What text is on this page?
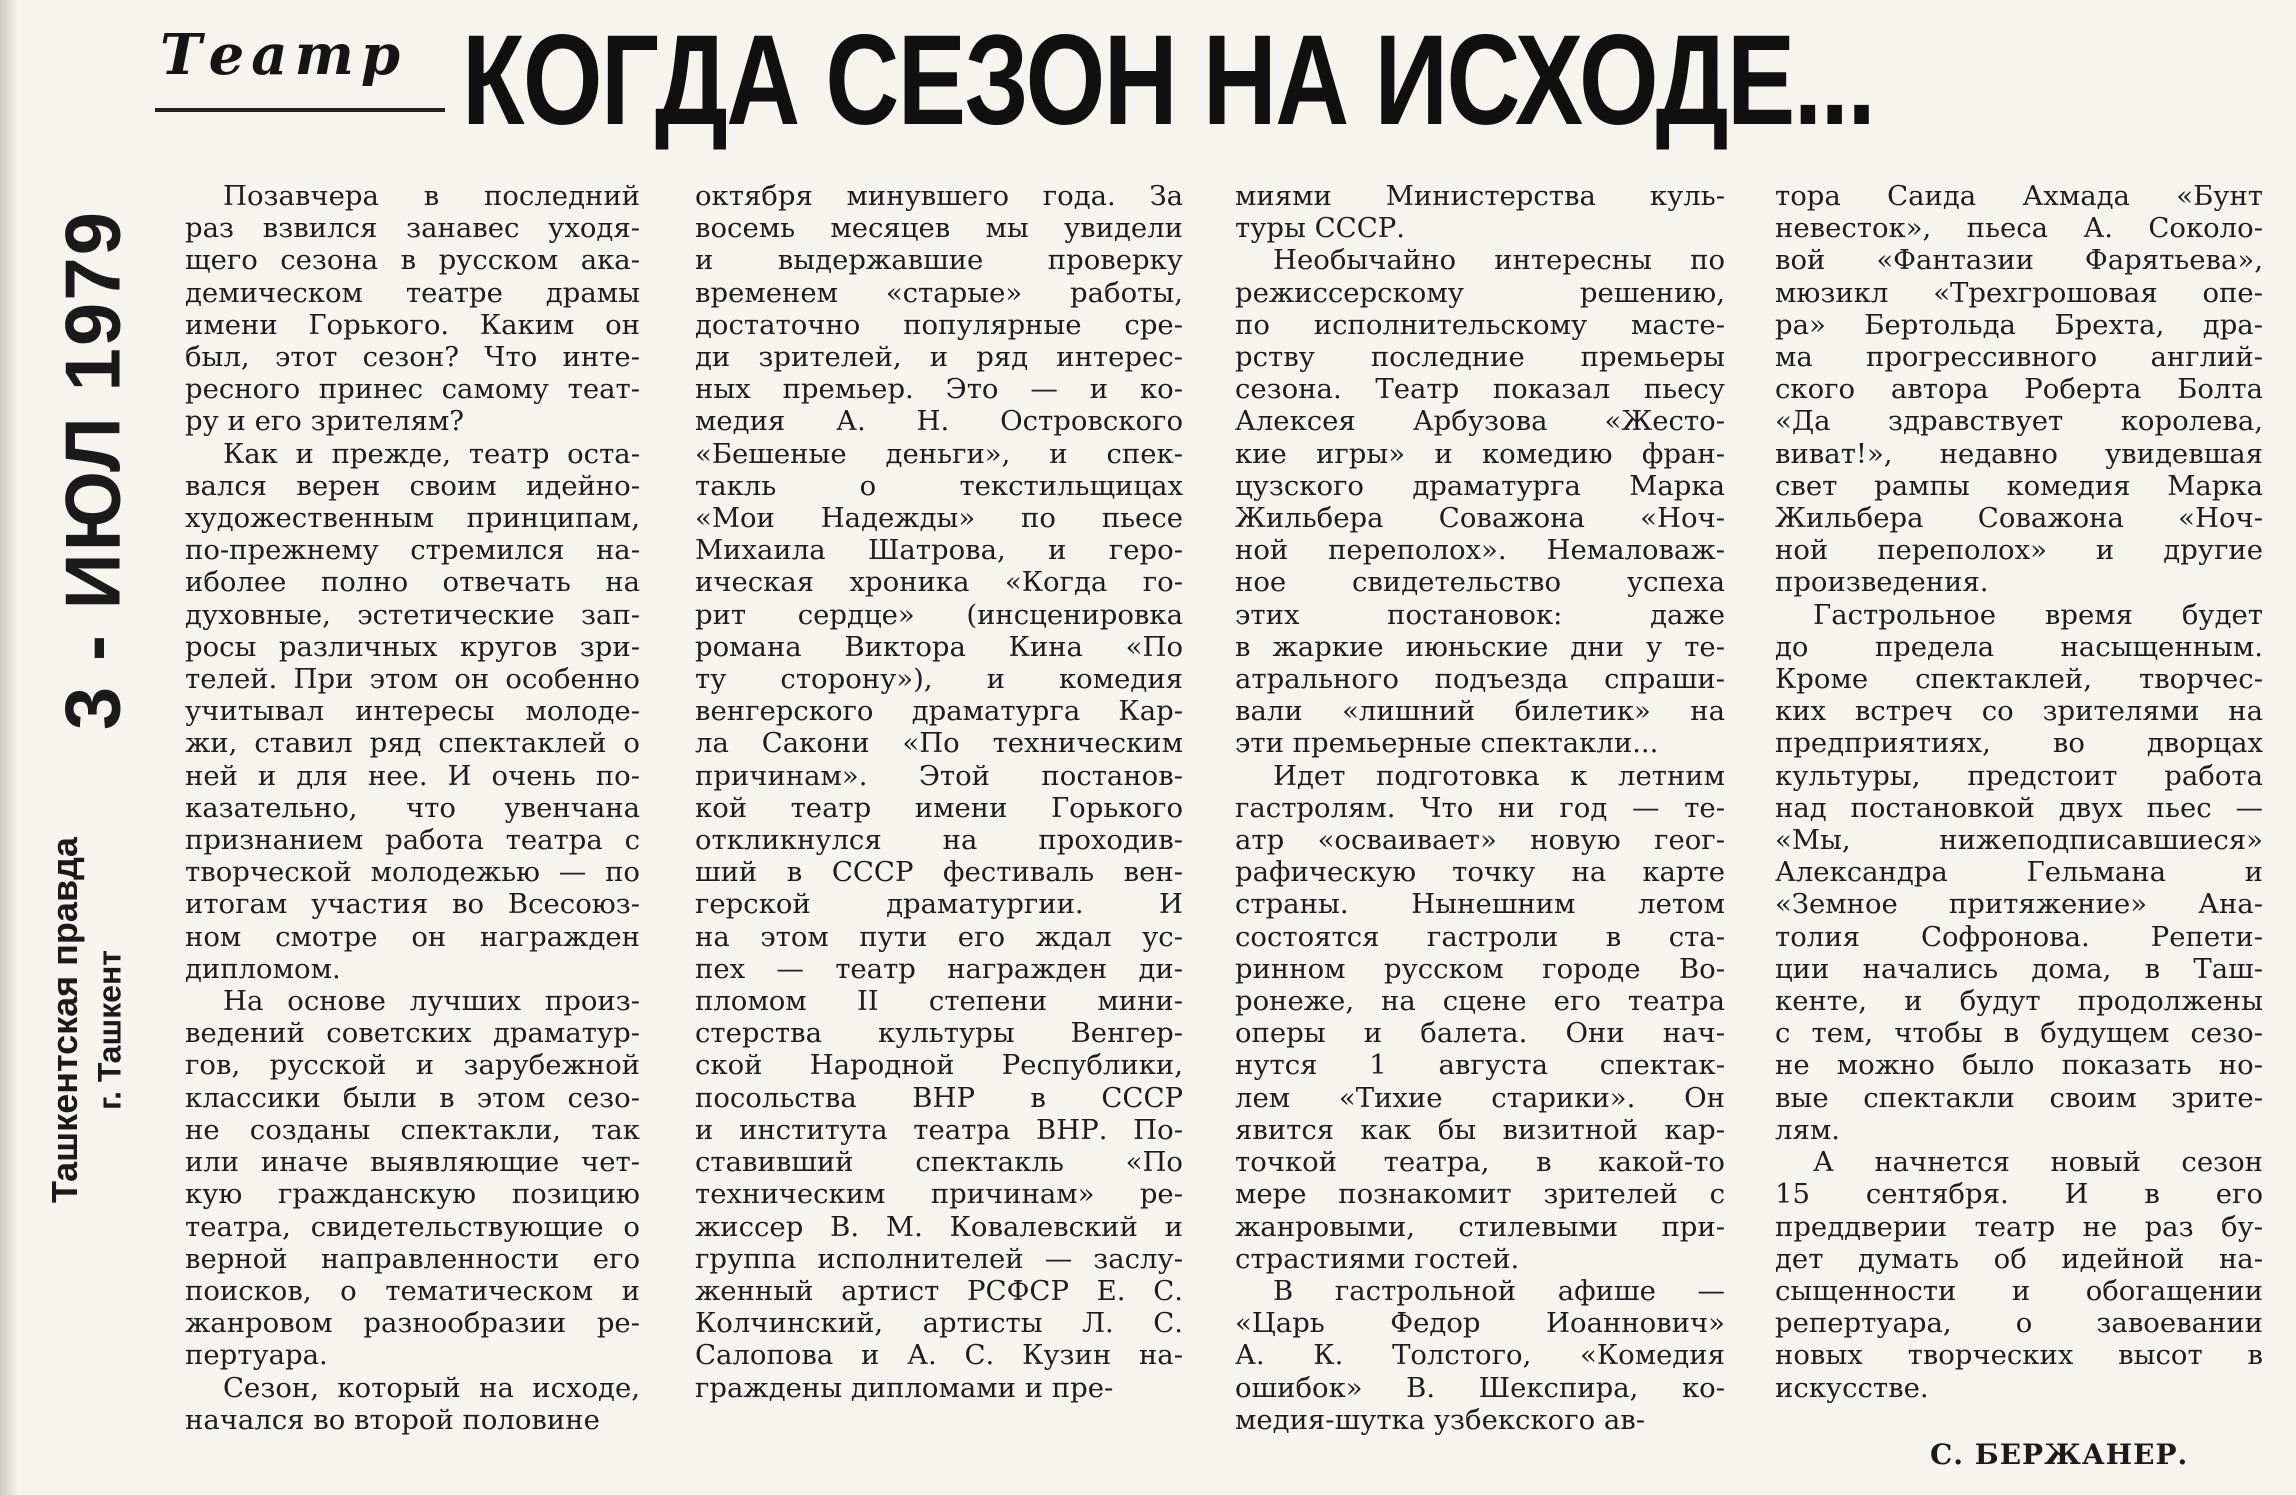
Театр КОГДА СЕЗОН НА ИСХОДЕ...
3 - ИЮЛ 1979
Ташкентская правда г. Ташкент
Позавчера в последний
раз взвился занавес уходя-
щего сезона в русском ака-
демическом театре драмы
имени Горького. Каким он
был, этот сезон? Что инте-
ресного принес самому теат-
ру и его зрителям?
Как и прежде, театр оста-
вался верен своим идейно-
художественным принципам,
по-прежнему стремился на-
иболее полно отвечать на
духовные, эстетические зап-
росы различных кругов зри-
телей. При этом он особенно
учитывал интересы молоде-
жи, ставил ряд спектаклей о
ней и для нее. И очень по-
казательно, что увенчана
признанием работа театра с
творческой молодежью — по
итогам участия во Всесоюз-
ном смотре он награжден
дипломом.
На основе лучших произ-
ведений советских драматур-
гов, русской и зарубежной
классики были в этом сезо-
не созданы спектакли, так
или иначе выявляющие чет-
кую гражданскую позицию
театра, свидетельствующие о
верной направленности его
поисков, о тематическом и
жанровом разнообразии ре-
пертуара.
Сезон, который на исходе,
начался во второй половине
октября минувшего года. За
восемь месяцев мы увидели
и выдержавшие проверку
временем «старые» работы,
достаточно популярные сре-
ди зрителей, и ряд интерес-
ных премьер. Это — и ко-
медия А. Н. Островского
«Бешеные деньги», и спек-
такль о текстильщицах
«Мои Надежды» по пьесе
Михаила Шатрова, и геро-
ическая хроника «Когда го-
рит сердце» (инсценировка
романа Виктора Кина «По
ту сторону»), и комедия
венгерского драматурга Кар-
ла Сакони «По техническим
причинам». Этой постанов-
кой театр имени Горького
откликнулся на проходив-
ший в СССР фестиваль вен-
герской драматургии. И
на этом пути его ждал ус-
пех — театр награжден ди-
пломом II степени мини-
стерства культуры Венгер-
ской Народной Республики,
посольства ВНР в СССР
и института театра ВНР. По-
ставивший спектакль «По
техническим причинам» ре-
жиссер В. М. Ковалевский и
группа исполнителей — заслу-
женный артист РСФСР Е. С.
Колчинский, артисты Л. С.
Салопова и А. С. Кузин на-
граждены дипломами и пре-
миями Министерства куль-
туры СССР.
Необычайно интересны по
режиссерскому решению,
по исполнительскому масте-
рству последние премьеры
сезона. Театр показал пьесу
Алексея Арбузова «Жесто-
кие игры» и комедию фран-
цузского драматурга Марка
Жильбера Соважона «Ноч-
ной переполох». Немаловаж-
ное свидетельство успеха
этих постановок: даже
в жаркие июньские дни у те-
атрального подъезда спраши-
вали «лишний билетик» на
эти премьерные спектакли...
Идет подготовка к летним
гастролям. Что ни год — те-
атр «осваивает» новую геог-
рафическую точку на карте
страны. Нынешним летом
состоятся гастроли в ста-
ринном русском городе Во-
ронеже, на сцене его театра
оперы и балета. Они нач-
нутся 1 августа спектак-
лем «Тихие старики». Он
явится как бы визитной кар-
точкой театра, в какой-то
мере познакомит зрителей с
жанровыми, стилевыми при-
страстиями гостей.
В гастрольной афише —
«Царь Федор Иоаннович»
А. К. Толстого, «Комедия
ошибок» В. Шекспира, ко-
медия-шутка узбекского ав-
тора Саида Ахмада «Бунт
невесток», пьеса А. Соколо-
вой «Фантазии Фарятьева»,
мюзикл «Трехгрошовая опе-
ра» Бертольда Брехта, дра-
ма прогрессивного англий-
ского автора Роберта Болта
«Да здравствует королева,
виват!», недавно увидевшая
свет рампы комедия Марка
Жильбера Соважона «Ноч-
ной переполох» и другие
произведения.
Гастрольное время будет
до предела насыщенным.
Кроме спектаклей, творчес-
ких встреч со зрителями на
предприятиях, во дворцах
культуры, предстоит работа
над постановкой двух пьес —
«Мы, нижеподписавшиеся»
Александра Гельмана и
«Земное притяжение» Ана-
толия Софронова. Репети-
ции начались дома, в Таш-
кенте, и будут продолжены
с тем, чтобы в будущем сезо-
не можно было показать но-
вые спектакли своим зрите-
лям.
А начнется новый сезон
15 сентября. И в его
преддверии театр не раз бу-
дет думать об идейной на-
сыщенности и обогащении
репертуара, о завоевании
новых творческих высот в
искусстве.
С. БЕРЖАНЕР.
